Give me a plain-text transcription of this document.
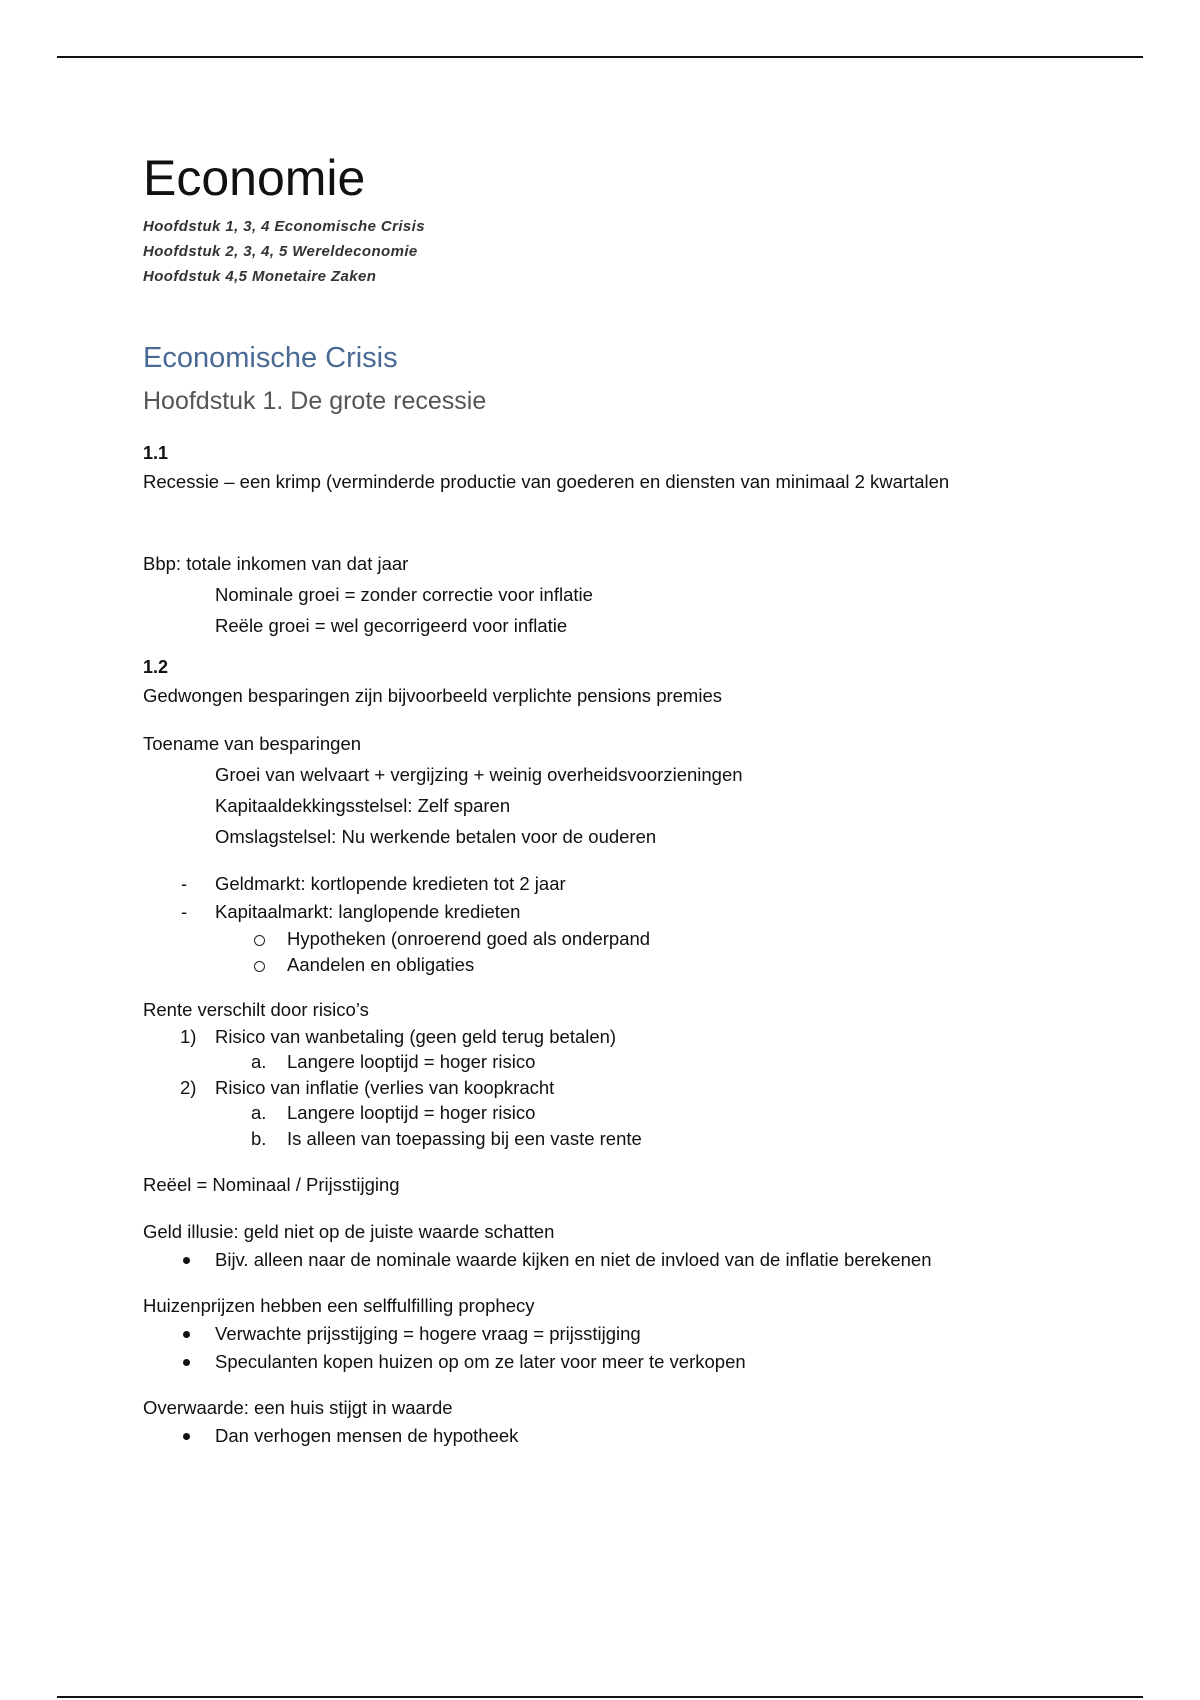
Economie
Hoofdstuk 1, 3, 4 Economische Crisis
Hoofdstuk 2, 3, 4, 5 Wereldeconomie
Hoofdstuk 4,5 Monetaire Zaken
Economische Crisis
Hoofdstuk 1. De grote recessie
1.1
Recessie – een krimp (verminderde productie van goederen en diensten van minimaal 2 kwartalen
Bbp: totale inkomen van dat jaar
Nominale groei = zonder correctie voor inflatie
Reële groei = wel gecorrigeerd voor inflatie
1.2
Gedwongen besparingen zijn bijvoorbeeld verplichte pensions premies
Toename van besparingen
Groei van welvaart + vergijzing + weinig overheidsvoorzieningen
Kapitaaldekkingsstelsel: Zelf sparen
Omslagstelsel: Nu werkende betalen voor de ouderen
- Geldmarkt: kortlopende kredieten tot 2 jaar
- Kapitaalmarkt: langlopende kredieten
Hypotheken (onroerend goed als onderpand
Aandelen en obligaties
Rente verschilt door risico’s
1)	Risico van wanbetaling (geen geld terug betalen)
a.	Langere looptijd = hoger risico
2)	Risico van inflatie (verlies van koopkracht
a.	Langere looptijd = hoger risico
b.	Is alleen van toepassing bij een vaste rente
Reëel = Nominaal / Prijsstijging
Geld illusie: geld niet op de juiste waarde schatten
Bijv. alleen naar de nominale waarde kijken en niet de invloed van de inflatie berekenen
Huizenprijzen hebben een selffulfilling prophecy
Verwachte prijsstijging = hogere vraag = prijsstijging
Speculanten kopen huizen op om ze later voor meer te verkopen
Overwaarde: een huis stijgt in waarde
Dan verhogen mensen de hypotheek
